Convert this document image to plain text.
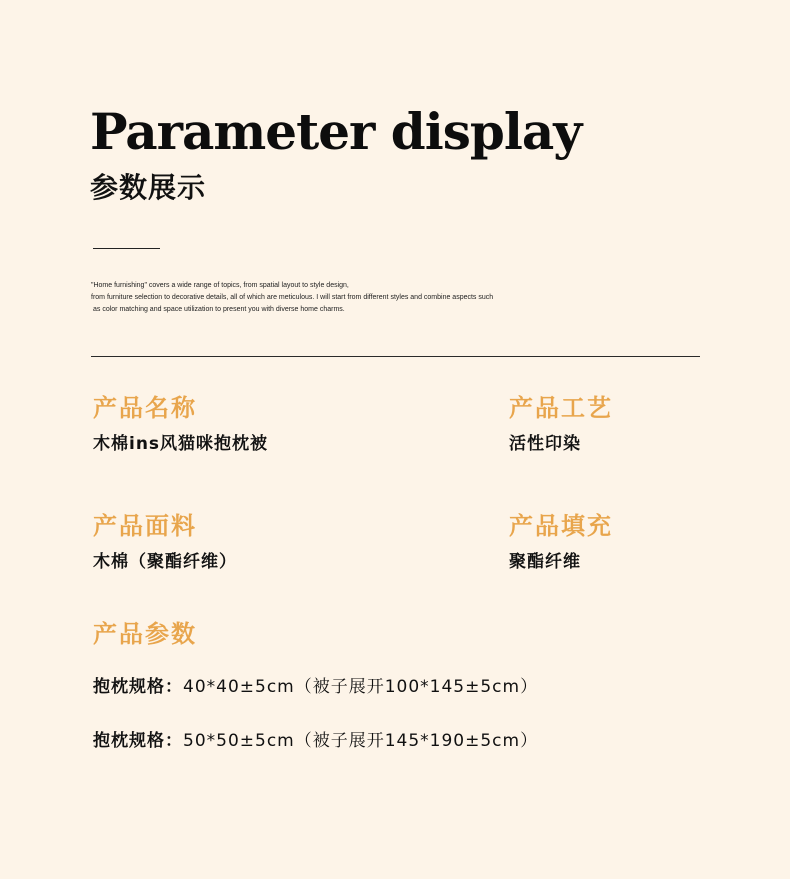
Parameter display
参数展示
"Home furnishing" covers a wide range of topics, from spatial layout to style design,
from furniture selection to decorative details, all of which are meticulous. I will start from different styles and combine aspects such
as color matching and space utilization to present you with diverse home charms.
产品名称
木棉ins风猫咪抱枕被
产品工艺
活性印染
产品面料
木棉（聚酯纤维）
产品填充
聚酯纤维
产品参数
抱枕规格：40*40±5cm（被子展开100*145±5cm）
抱枕规格：50*50±5cm（被子展开145*190±5cm）
